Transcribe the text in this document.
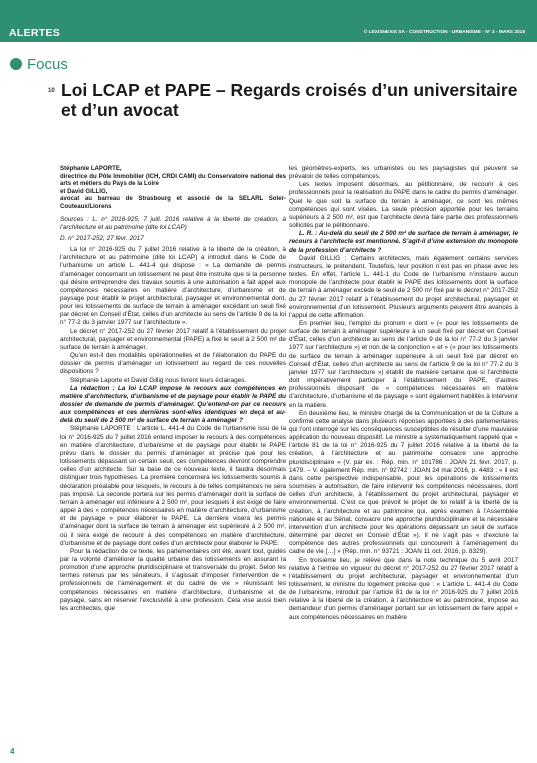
ALERTES	© LEXISNEXIS SA - CONSTRUCTION - URBANISME - N° 3 - MARS 2018
Focus
10 Loi LCAP et PAPE – Regards croisés d’un universitaire et d’un avocat
Stéphanie LAPORTE,
directrice du Pôle Immobilier (ICH, CRDI CAMI) du Conservatoire national des arts et métiers du Pays de la Loire
et David GILLIG,
avocat au barreau de Strasbourg et associé de la SELARL Soler-Couteaux/Llorens

Sources : L. n° 2016-925, 7 juill. 2016 relative à la liberté de création, à l’architecture et au patrimoine (dite loi LCAP)

D. n° 2017-252, 27 févr. 2017

La loi n° 2016-925 du 7 juillet 2016 relative à la liberté de la création, à l’architecture et au patrimoine (dite loi LCAP) a introduit dans le Code de l’urbanisme un article L. 441-4 qui dispose : « La demande de permis d’aménager concernant un lotissement ne peut être instruite que si la personne qui désire entreprendre des travaux soumis à une autorisation a fait appel aux compétences nécessaires en matière d’architecture, d’urbanisme et de paysage pour établir le projet architectural, paysager et environnemental dont, pour les lotissements de surface de terrain à aménager excédant un seuil fixé par décret en Conseil d’État, celles d’un architecte au sens de l’article 9 de la loi n° 77-2 du 3 janvier 1977 sur l’architecture ».

Le décret n° 2017-252 du 27 février 2017 relatif à l’établissement du projet architectural, paysager et environnemental (PAPE) a fixé le seuil à 2 500 m² de surface de terrain à aménager.

Qu’en est-il des modalités opérationnelles et de l’élaboration du PAPE du dossier de permis d’aménager un lotissement au regard de ces nouvelles dispositions ?

Stéphanie Laporte et David Gillig nous livrent leurs éclairages.

La rédaction : La loi LCAP impose le recours aux compétences en matière d’architecture, d’urbanisme et de paysage pour établir le PAPE du dossier de demande de permis d’aménager. Qu’entend-on par ce recours aux compétences et ces dernières sont-elles identiques en deçà et au-delà du seuil de 2 500 m² de surface de terrain à aménager ?

Stéphanie LAPORTE : L’article L. 441-4 du Code de l’urbanisme issu de la loi n° 2016-925 du 7 juillet 2016 entend imposer le recours à des compétences en matière d’architecture, d’urbanisme et de paysage pour établir le PAPE prévu dans le dossier du permis d’aménager et précise que pour les lotissements dépassant un certain seuil, ces compétences devront comprendre celles d’un architecte. Sur la base de ce nouveau texte, il faudra désormais distinguer trois hypothèses. La première concernera les lotissements soumis à déclaration préalable pour lesquels, le recours à de telles compétences ne sera pas imposé. La seconde portera sur les permis d’aménager dont la surface de terrain à aménager est inférieure à 2 500 m², pour lesquels il est exigé de faire appel à des « compétences nécessaires en matière d’architecture, d’urbanisme et de paysage » pour élaborer le PAPE. La dernière visera les permis d’aménager dont la surface de terrain à aménager est supérieure à 2 500 m², où il sera exigé de recourir à des compétences en matière d’architecture, d’urbanisme et de paysage dont celles d’un architecte pour élaborer le PAPE.

Pour la rédaction de ce texte, les parlementaires ont été, avant tout, guidés par la volonté d’améliorer la qualité urbaine des lotissements en assurant la promotion d’une approche pluridisciplinaire et transversale du projet. Selon les termes retenus par les sénateurs, il s’agissait d’imposer l’intervention de « professionnels de l’aménagement et du cadre de vie » réunissant les compétences nécessaires en matière d’architecture, d’urbanisme et de paysage, sans en réserver l’exclusivité à une profession. Cela vise aussi bien les architectes, que

les géomètres-experts, les urbanistes ou les paysagistes qui peuvent se prévaloir de telles compétences.

Les textes imposent désormais, au pétitionnaire, de recourir à ces professionnels pour la réalisation du PAPE dans le cadre du permis d’aménager. Quel le que soit la surface du terrain à aménager, ce sont les mêmes compétences qui sont visées. La seule précision apportée pour les terrains supérieurs à 2 500 m², est que l’architecte devra faire partie des professionnels sollicités par le pétitionnaire.

L. R. : Au-delà du seuil de 2 500 m² de surface de terrain à aménager, le recours à l’architecte est mentionné. S’agit-il d’une extension du monopole de la profession d’architecte ?

David GILLIG : Certains architectes, mais également certains services instructeurs, le prétendent. Toutefois, leur position n’est pas en phase avec les textes. En effet, l’article L. 441-1 du Code de l’urbanisme n’instaure aucun monopole de l’architecte pour établir le PAPE des lotissements dont la surface de terrain à aménager excède le seuil de 2 500 m² fixé par le décret n° 2017-252 du 27 février 2017 relatif à l’établissement du projet architectural, paysager et environnemental d’un lotissement. Plusieurs arguments peuvent être avancés à l’appui de cette affirmation.

En premier lieu, l’emploi du pronom « dont » (« pour les lotissements de surface de terrain à aménager supérieure à un seuil fixé par décret en Conseil d’État, celles d’un architecte au sens de l’article 9 de la loi n° 77-2 du 3 janvier 1977 sur l’architecture ») et non de la conjonction « et » (« pour les lotissements de surface de terrain à aménager supérieure à un seuil fixé par décret en Conseil d’État, celles d’un architecte au sens de l’article 9 de la loi n° 77-2 du 3 janvier 1977 sur l’architecture ») établit de manière certaine que si l’architecte doit impérativement participer à l’établissement du PAPE, d’autres professionnels disposant de « compétences nécessaires en matière d’architecture, d’urbanisme et de paysage » sont également habilités à intervenir en la matière.

En deuxième lieu, le ministre chargé de la Communication et de la Culture a confirmé cette analyse dans plusieurs réponses apportées à des parlementaires qui l’ont interrogé sur les conséquences susceptibles de résulter d’une mauvaise application du nouveau dispositif. Le ministre a systématiquement rappelé que « l’article 81 de la loi n° 2016-925 du 7 juillet 2016 relative à la liberté de la création, à l’architecture et au patrimoine consacre une approche pluridisciplinaire » (V. par ex. : Rép. min. n° 101786 : JOAN 21 févr. 2017, p. 1479. – V. également Rép. min. n° 92742 : JOAN 24 mai 2016, p. 4483 : « il est dans cette perspective indispensable, pour les opérations de lotissements soumises à autorisation, de faire intervenir les compétences nécessaires, dont celles d’un architecte, à l’établissement du projet architectural, paysager et environnemental. C’est ce que prévoit le projet de loi relatif à la liberté de la création, à l’architecture et au patrimoine qui, après examen à l’Assemblée nationale et au Sénat, consacre une approche pluridisciplinaire et la nécessaire intervention d’un architecte pour les opérations dépassant un seuil de surface déterminé par décret en Conseil d’État »). Il ne s’agit pas « d’exclure la compétence des autres professionnels qui concourent à l’aménagement du cadre de vie […] » (Rép. min. n° 93721 : JOAN 11 oct. 2016, p. 8329).

En troisième lieu, je relève que dans la note technique du 5 avril 2017 relative à l’entrée en vigueur du décret n° 2017-252 du 27 février 2017 relatif à l’établissement du projet architectural, paysager et environnemental d’un lotissement, le ministre du logement précise que : « L’article L. 441-4 du Code de l’urbanisme, introduit par l’article 81 de la loi n° 2016-925 du 7 juillet 2016 relative à la liberté de la création, à l’architecture et au patrimoine, impose au demandeur d’un permis d’aménager portant sur un lotissement de faire appel « aux compétences nécessaires en matière

4
